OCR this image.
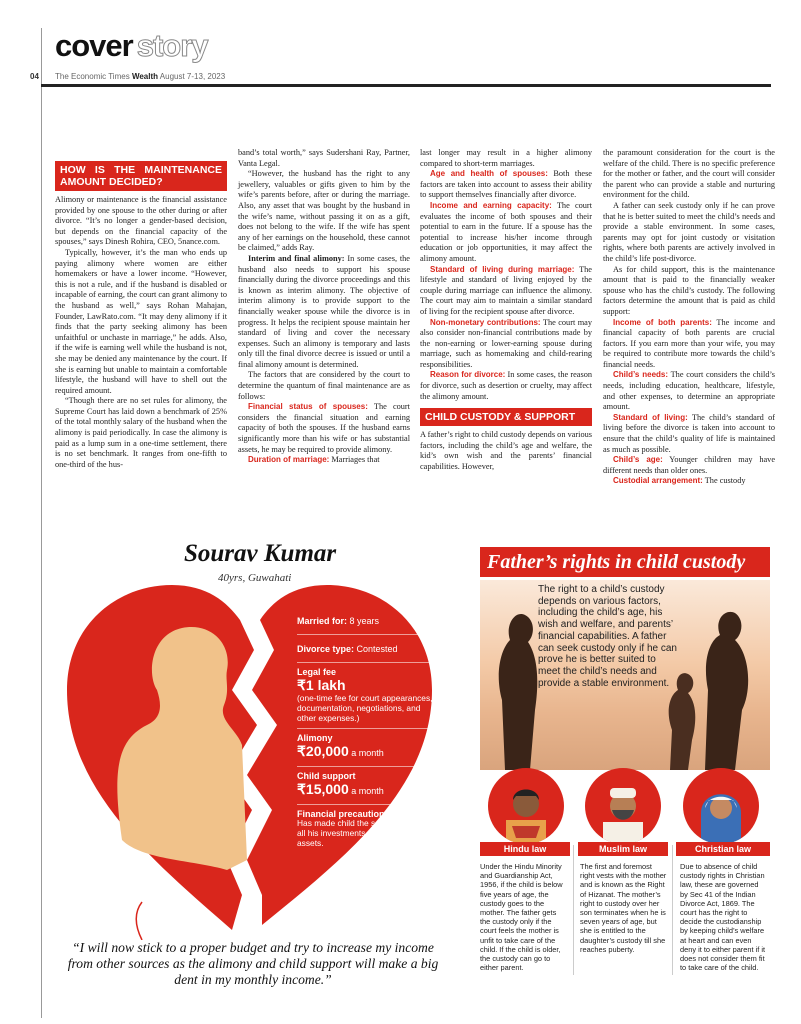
cover story
04 The Economic Times Wealth August 7-13, 2023
HOW IS THE MAINTENANCE AMOUNT DECIDED?

Alimony or maintenance is the financial assistance provided by one spouse to the other during or after divorce. “It’s no longer a gender-based decision, but depends on the financial capacity of the spouses,” says Dinesh Rohira, CEO, 5nance.com.

Typically, however, it’s the man who ends up paying alimony where women are either homemakers or have a lower income. “However, this is not a rule, and if the husband is disabled or incapable of earning, the court can grant alimony to the husband as well,” says Rohan Mahajan, Founder, LawRato.com. “It may deny alimony if it finds that the party seeking alimony has been unfaithful or unchaste in marriage,” he adds. Also, if the wife is earning well while the husband is not, she may be denied any maintenance by the court. If she is earning but unable to maintain a comfortable lifestyle, the husband will have to shell out the required amount.

“Though there are no set rules for alimony, the Supreme Court has laid down a benchmark of 25% of the total monthly salary of the husband when the alimony is paid periodically. In case the alimony is paid as a lump sum in a one-time settlement, there is no set benchmark. It ranges from one-fifth to one-third of the hus-

band’s total worth,” says Sudershani Ray, Partner, Vanta Legal.

“However, the husband has the right to any jewellery, valuables or gifts given to him by the wife’s parents before, after or during the marriage. Also, any asset that was bought by the husband in the wife’s name, without passing it on as a gift, does not belong to the wife. If the wife has spent any of her earnings on the household, these cannot be claimed,” adds Ray.

Interim and final alimony: In some cases, the husband also needs to support his spouse financially during the divorce proceedings and this is known as interim alimony. The objective of interim alimony is to provide support to the financially weaker spouse while the divorce is in progress. It helps the recipient spouse maintain her standard of living and cover the necessary expenses. Such an alimony is temporary and lasts only till the final divorce decree is issued or until a final alimony amount is determined.

The factors that are considered by the court to determine the quantum of final maintenance are as follows:

Financial status of spouses: The court considers the financial situation and earning capacity of both the spouses. If the husband earns significantly more than his wife or has substantial assets, he may be required to provide alimony.

Duration of marriage: Marriages that

last longer may result in a higher alimony compared to short-term marriages.

Age and health of spouses: Both these factors are taken into account to assess their ability to support themselves financially after divorce.

Income and earning capacity: The court evaluates the income of both spouses and their potential to earn in the future. If a spouse has the potential to increase his/her income through education or job opportunities, it may affect the alimony amount.

Standard of living during marriage: The lifestyle and standard of living enjoyed by the couple during marriage can influence the alimony. The court may aim to maintain a similar standard of living for the recipient spouse after divorce.

Non-monetary contributions: The court may also consider non-financial contributions made by the non-earning or lower-earning spouse during marriage, such as homemaking and child-rearing responsibilities.

Reason for divorce: In some cases, the reason for divorce, such as desertion or cruelty, may affect the alimony amount.

CHILD CUSTODY & SUPPORT

A father’s right to child custody depends on various factors, including the child’s age and welfare, the kid’s own wish and the parents’ financial capabilities. However,

the paramount consideration for the court is the welfare of the child. There is no specific preference for the mother or father, and the court will consider the parent who can provide a stable and nurturing environment for the child.

A father can seek custody only if he can prove that he is better suited to meet the child’s needs and provide a stable environment. In some cases, parents may opt for joint custody or visitation rights, where both parents are actively involved in the child’s life post-divorce.

As for child support, this is the maintenance amount that is paid to the financially weaker spouse who has the child’s custody. The following factors determine the amount that is paid as child support:

Income of both parents: The income and financial capacity of both parents are crucial factors. If you earn more than your wife, you may be required to contribute more towards the child’s financial needs.

Child’s needs: The court considers the child’s needs, including education, healthcare, lifestyle, and other expenses, to determine an appropriate amount.

Standard of living: The child’s standard of living before the divorce is taken into account to ensure that the child’s quality of life is maintained as much as possible.

Child’s age: Younger children may have different needs than older ones.

Custodial arrangement: The custody

Sourav Kumar
40yrs, Guwahati
Married for: 8 years
Divorce type: Contested
Legal fee
₹1 lakh
(one-time fee for court appearances, documentation, negotiations, and other expenses.)
Alimony
₹20,000 a month
Child support
₹15,000 a month
Financial precaution
Has made child the sole nominee in all his investments and financial assets.
“I will now stick to a proper budget and try to increase my income from other sources as the alimony and child support will make a big dent in my monthly income.”
Father’s rights in child custody
The right to a child’s custody depends on various factors, including the child’s age, his wish and welfare, and parents’ financial capabilities. A father can seek custody only if he can prove he is better suited to meet the child’s needs and provide a stable environment.
Hindu law	Muslim law	Christian law
Under the Hindu Minority and Guardianship Act, 1956, if the child is below five years of age, the custody goes to the mother. The father gets the custody only if the court feels the mother is unfit to take care of the child. If the child is older, the custody can go to either parent.
The first and foremost right vests with the mother and is known as the Right of Hizanat. The mother’s right to custody over her son terminates when he is seven years of age, but she is entitled to the daughter’s custody till she reaches puberty.
Due to absence of child custody rights in Christian law, these are governed by Sec 41 of the Indian Divorce Act, 1869. The court has the right to decide the custodianship by keeping child’s welfare at heart and can even deny it to either parent if it does not consider them fit to take care of the child.
